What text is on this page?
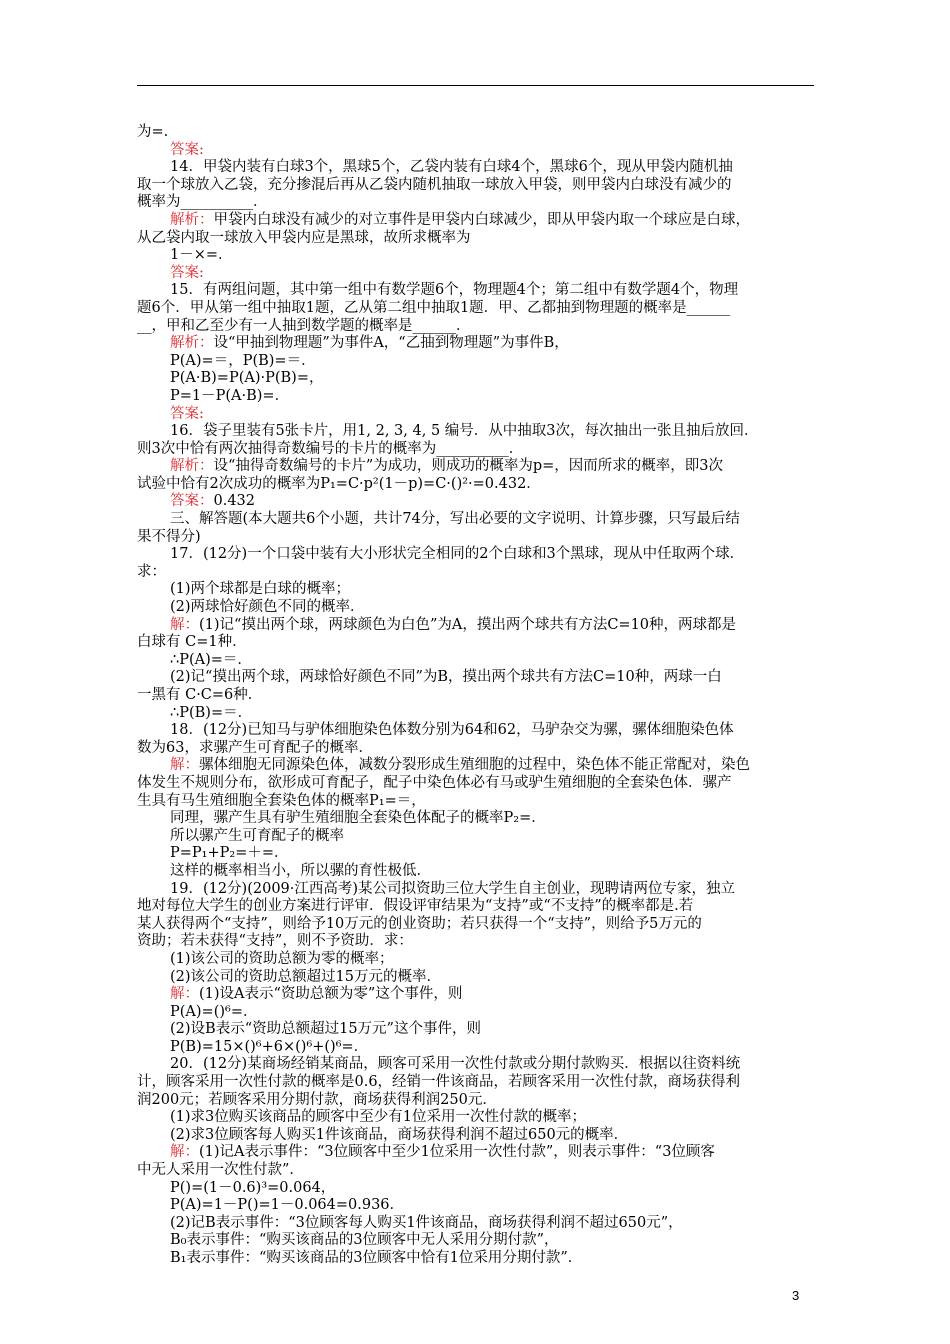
为=.
答案:
14．甲袋内装有白球3个，黑球5个，乙袋内装有白球4个，黑球6个，现从甲袋内随机抽
取一个球放入乙袋，充分掺混后再从乙袋内随机抽取一球放入甲袋，则甲袋内白球没有减少的
概率为__________．
解析：甲袋内白球没有减少的对立事件是甲袋内白球减少，即从甲袋内取一个球应是白球，
从乙袋内取一球放入甲袋内应是黑球，故所求概率为
1－×=．
答案:
15．有两组问题，其中第一组中有数学题6个，物理题4个；第二组中有数学题4个，物理
题6个．甲从第一组中抽取1题，乙从第二组中抽取1题．甲、乙都抽到物理题的概率是______
__，甲和乙至少有一人抽到数学题的概率是______．
解析：设“甲抽到物理题”为事件A，“乙抽到物理题”为事件B，
P(A)=＝，P(B)=＝．
P(A·B)=P(A)·P(B)=，
P=1－P(A·B)=．
答案:
16．袋子里装有5张卡片，用1, 2, 3, 4, 5 编号．从中抽取3次，每次抽出一张且抽后放回．
则3次中恰有两次抽得奇数编号的卡片的概率为__________．
解析：设“抽得奇数编号的卡片”为成功，则成功的概率为p=，因而所求的概率，即3次
试验中恰有2次成功的概率为P₁=C·p²(1－p)=C·()²·=0.432．
答案：0.432
三、解答题(本大题共6个小题，共计74分，写出必要的文字说明、计算步骤，只写最后结
果不得分)
17．(12分)一个口袋中装有大小形状完全相同的2个白球和3个黑球，现从中任取两个球．
求：
(1)两个球都是白球的概率；
(2)两球恰好颜色不同的概率．
解：(1)记“摸出两个球，两球颜色为白色”为A，摸出两个球共有方法C=10种，两球都是
白球有 C=1种．
∴P(A)=＝．
(2)记“摸出两个球，两球恰好颜色不同”为B，摸出两个球共有方法C=10种，两球一白
一黑有 C·C=6种．
∴P(B)=＝．
18．(12分)已知马与驴体细胞染色体数分别为64和62，马驴杂交为骡，骡体细胞染色体
数为63，求骡产生可育配子的概率．
解：骡体细胞无同源染色体，减数分裂形成生殖细胞的过程中，染色体不能正常配对，染色
体发生不规则分布，欲形成可育配子，配子中染色体必有马或驴生殖细胞的全套染色体．骡产
生具有马生殖细胞全套染色体的概率P₁=＝，
同理，骡产生具有驴生殖细胞全套染色体配子的概率P₂=．
所以骡产生可育配子的概率
P=P₁+P₂=＋=．
这样的概率相当小，所以骡的育性极低．
19．(12分)(2009·江西高考)某公司拟资助三位大学生自主创业，现聘请两位专家，独立
地对每位大学生的创业方案进行评审．假设评审结果为“支持”或“不支持”的概率都是.若
某人获得两个“支持”，则给予10万元的创业资助；若只获得一个“支持”，则给予5万元的
资助；若未获得“支持”，则不予资助．求：
(1)该公司的资助总额为零的概率；
(2)该公司的资助总额超过15万元的概率．
解：(1)设A表示“资助总额为零”这个事件，则
P(A)=()⁶=．
(2)设B表示“资助总额超过15万元”这个事件，则
P(B)=15×()⁶+6×()⁶+()⁶=．
20．(12分)某商场经销某商品，顾客可采用一次性付款或分期付款购买．根据以往资料统
计，顾客采用一次性付款的概率是0.6，经销一件该商品，若顾客采用一次性付款，商场获得利
润200元；若顾客采用分期付款，商场获得利润250元．
(1)求3位购买该商品的顾客中至少有1位采用一次性付款的概率；
(2)求3位顾客每人购买1件该商品，商场获得利润不超过650元的概率．
解：(1)记A表示事件：“3位顾客中至少1位采用一次性付款”，则表示事件：“3位顾客
中无人采用一次性付款”．
P()=(1－0.6)³=0.064，
P(A)=1－P()=1－0.064=0.936．
(2)记B表示事件：“3位顾客每人购买1件该商品，商场获得利润不超过650元”，
B₀表示事件：“购买该商品的3位顾客中无人采用分期付款”，
B₁表示事件：“购买该商品的3位顾客中恰有1位采用分期付款”．
3
